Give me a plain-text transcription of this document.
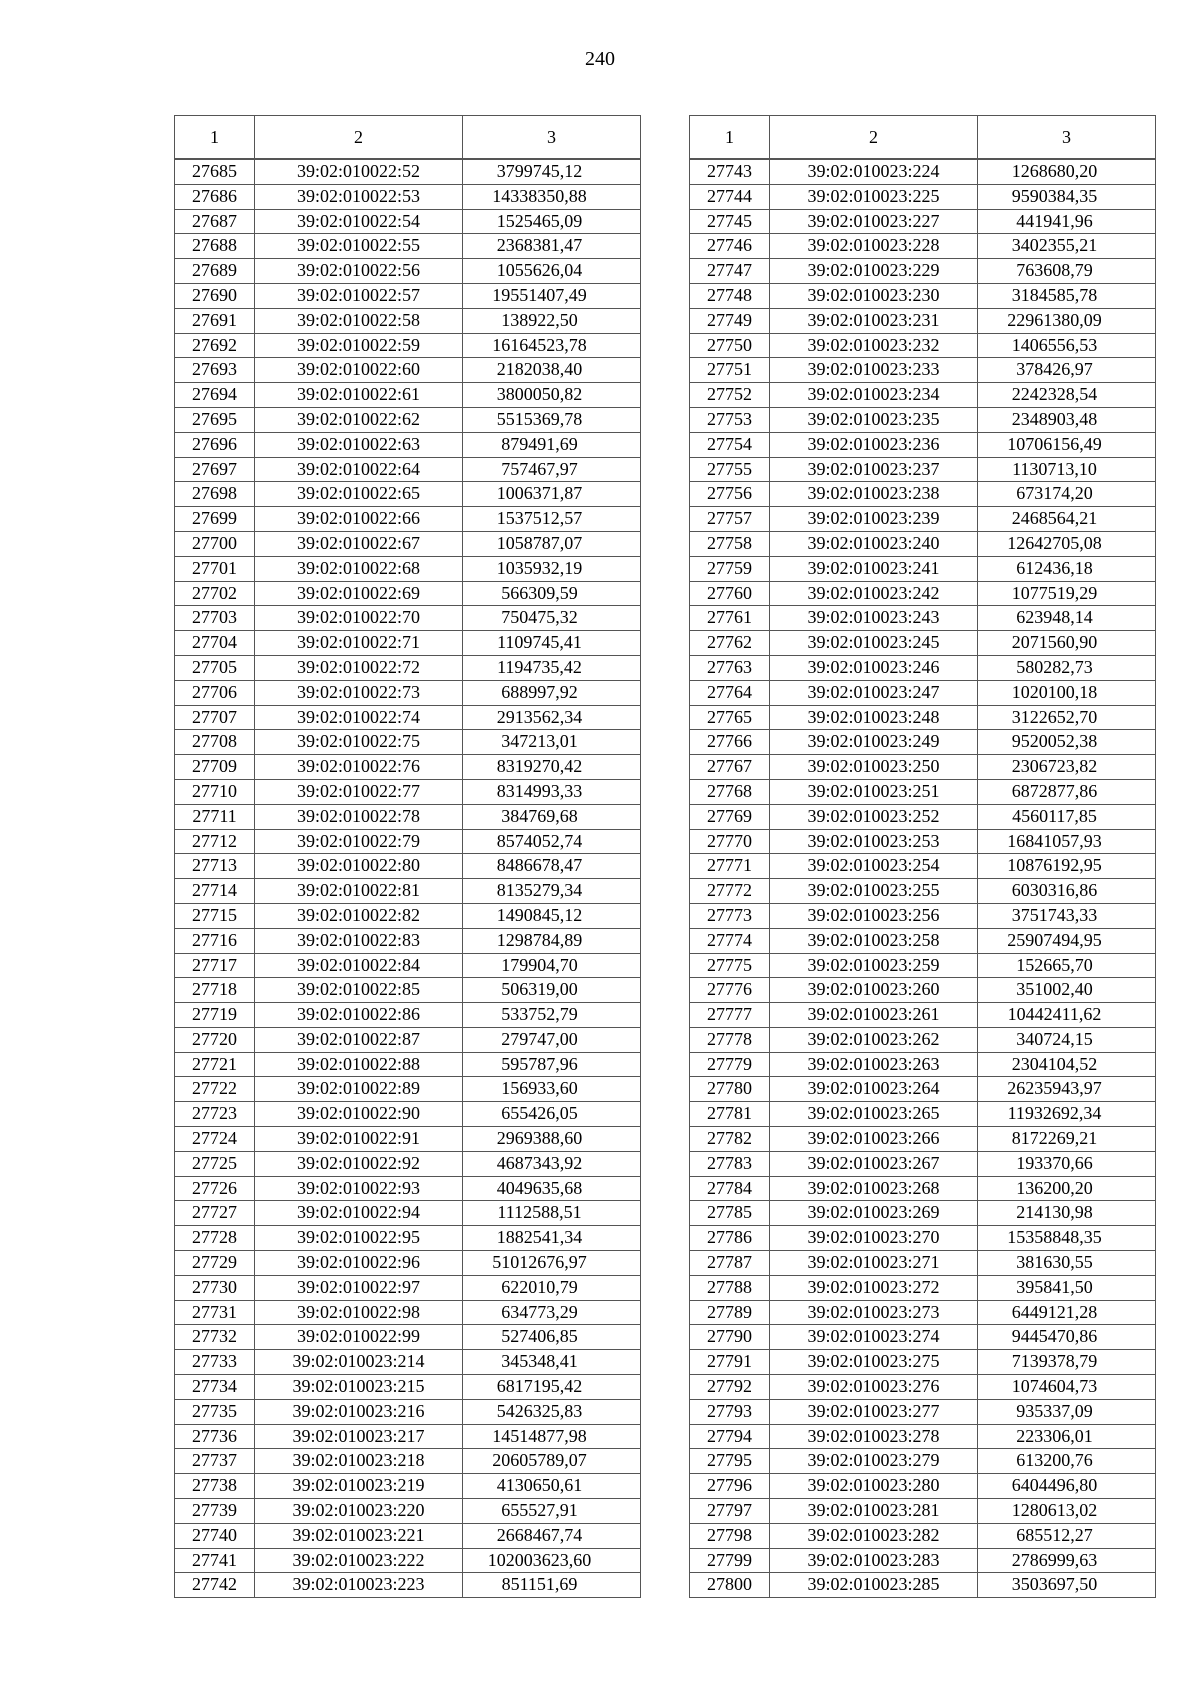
240
1	2	3
27685	39:02:010022:52	3799745,12
27686	39:02:010022:53	14338350,88
27687	39:02:010022:54	1525465,09
27688	39:02:010022:55	2368381,47
27689	39:02:010022:56	1055626,04
27690	39:02:010022:57	19551407,49
27691	39:02:010022:58	138922,50
27692	39:02:010022:59	16164523,78
27693	39:02:010022:60	2182038,40
27694	39:02:010022:61	3800050,82
27695	39:02:010022:62	5515369,78
27696	39:02:010022:63	879491,69
27697	39:02:010022:64	757467,97
27698	39:02:010022:65	1006371,87
27699	39:02:010022:66	1537512,57
27700	39:02:010022:67	1058787,07
27701	39:02:010022:68	1035932,19
27702	39:02:010022:69	566309,59
27703	39:02:010022:70	750475,32
27704	39:02:010022:71	1109745,41
27705	39:02:010022:72	1194735,42
27706	39:02:010022:73	688997,92
27707	39:02:010022:74	2913562,34
27708	39:02:010022:75	347213,01
27709	39:02:010022:76	8319270,42
27710	39:02:010022:77	8314993,33
27711	39:02:010022:78	384769,68
27712	39:02:010022:79	8574052,74
27713	39:02:010022:80	8486678,47
27714	39:02:010022:81	8135279,34
27715	39:02:010022:82	1490845,12
27716	39:02:010022:83	1298784,89
27717	39:02:010022:84	179904,70
27718	39:02:010022:85	506319,00
27719	39:02:010022:86	533752,79
27720	39:02:010022:87	279747,00
27721	39:02:010022:88	595787,96
27722	39:02:010022:89	156933,60
27723	39:02:010022:90	655426,05
27724	39:02:010022:91	2969388,60
27725	39:02:010022:92	4687343,92
27726	39:02:010022:93	4049635,68
27727	39:02:010022:94	1112588,51
27728	39:02:010022:95	1882541,34
27729	39:02:010022:96	51012676,97
27730	39:02:010022:97	622010,79
27731	39:02:010022:98	634773,29
27732	39:02:010022:99	527406,85
27733	39:02:010023:214	345348,41
27734	39:02:010023:215	6817195,42
27735	39:02:010023:216	5426325,83
27736	39:02:010023:217	14514877,98
27737	39:02:010023:218	20605789,07
27738	39:02:010023:219	4130650,61
27739	39:02:010023:220	655527,91
27740	39:02:010023:221	2668467,74
27741	39:02:010023:222	102003623,60
27742	39:02:010023:223	851151,69
1	2	3
27743	39:02:010023:224	1268680,20
27744	39:02:010023:225	9590384,35
27745	39:02:010023:227	441941,96
27746	39:02:010023:228	3402355,21
27747	39:02:010023:229	763608,79
27748	39:02:010023:230	3184585,78
27749	39:02:010023:231	22961380,09
27750	39:02:010023:232	1406556,53
27751	39:02:010023:233	378426,97
27752	39:02:010023:234	2242328,54
27753	39:02:010023:235	2348903,48
27754	39:02:010023:236	10706156,49
27755	39:02:010023:237	1130713,10
27756	39:02:010023:238	673174,20
27757	39:02:010023:239	2468564,21
27758	39:02:010023:240	12642705,08
27759	39:02:010023:241	612436,18
27760	39:02:010023:242	1077519,29
27761	39:02:010023:243	623948,14
27762	39:02:010023:245	2071560,90
27763	39:02:010023:246	580282,73
27764	39:02:010023:247	1020100,18
27765	39:02:010023:248	3122652,70
27766	39:02:010023:249	9520052,38
27767	39:02:010023:250	2306723,82
27768	39:02:010023:251	6872877,86
27769	39:02:010023:252	4560117,85
27770	39:02:010023:253	16841057,93
27771	39:02:010023:254	10876192,95
27772	39:02:010023:255	6030316,86
27773	39:02:010023:256	3751743,33
27774	39:02:010023:258	25907494,95
27775	39:02:010023:259	152665,70
27776	39:02:010023:260	351002,40
27777	39:02:010023:261	10442411,62
27778	39:02:010023:262	340724,15
27779	39:02:010023:263	2304104,52
27780	39:02:010023:264	26235943,97
27781	39:02:010023:265	11932692,34
27782	39:02:010023:266	8172269,21
27783	39:02:010023:267	193370,66
27784	39:02:010023:268	136200,20
27785	39:02:010023:269	214130,98
27786	39:02:010023:270	15358848,35
27787	39:02:010023:271	381630,55
27788	39:02:010023:272	395841,50
27789	39:02:010023:273	6449121,28
27790	39:02:010023:274	9445470,86
27791	39:02:010023:275	7139378,79
27792	39:02:010023:276	1074604,73
27793	39:02:010023:277	935337,09
27794	39:02:010023:278	223306,01
27795	39:02:010023:279	613200,76
27796	39:02:010023:280	6404496,80
27797	39:02:010023:281	1280613,02
27798	39:02:010023:282	685512,27
27799	39:02:010023:283	2786999,63
27800	39:02:010023:285	3503697,50
